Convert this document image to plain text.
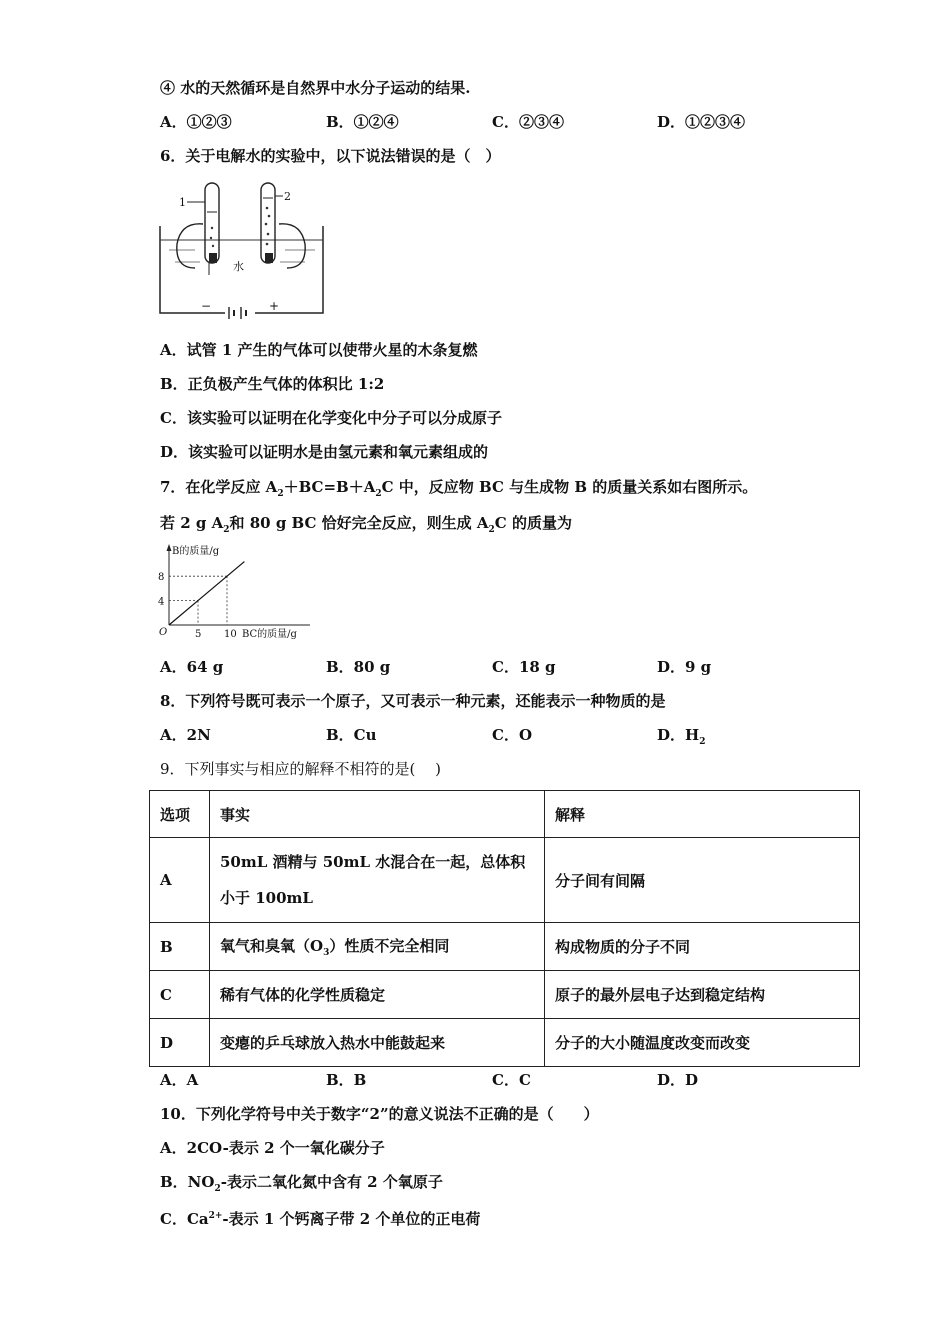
④ 水的天然循环是自然界中水分子运动的结果.
A．①②③	B．①②④	C．②③④	D．①②③④
6．关于电解水的实验中，以下说法错误的是（　）
1	2
水
−	+
A．试管 1 产生的气体可以使带火星的木条复燃
B．正负极产生气体的体积比 1:2
C．该实验可以证明在化学变化中分子可以分成原子
D．该实验可以证明水是由氢元素和氧元素组成的
7．在化学反应 $A_2+BC=B+A_2C$ 中，反应物 BC 与生成物 B 的质量关系如右图所示。
若 2 g $A_2$和 80 g BC 恰好完全反应，则生成 $A_2C$ 的质量为
B的质量/g
BC的质量/g
O	5 10
4
8
A．64 g	B．80 g	C．18 g	D．9 g
8．下列符号既可表示一个原子，又可表示一种元素，还能表示一种物质的是
A．2N	B．Cu	C．O	D．$H_2$
9．下列事实与相应的解释不相符的是(　 )
选项	事实	解释
A	50mL 酒精与 50mL 水混合在一起，总体积
小于 100mL	分子间有间隔
B	氧气和臭氧$(O_3)$性质不完全相同	构成物质的分子不同
C	稀有气体的化学性质稳定	原子的最外层电子达到稳定结构
D	变瘪的乒乓球放入热水中能鼓起来	分子的大小随温度改变而改变
A．A	B．B	C．C	D．D
10．下列化学符号中关于数字“2”的意义说法不正确的是（　　）
A．2CO-表示 2 个一氧化碳分子
B．$NO_2-$表示二氧化氮中含有 2 个氧原子
C．$Ca^{2+}-$表示 1 个钙离子带 2 个单位的正电荷
